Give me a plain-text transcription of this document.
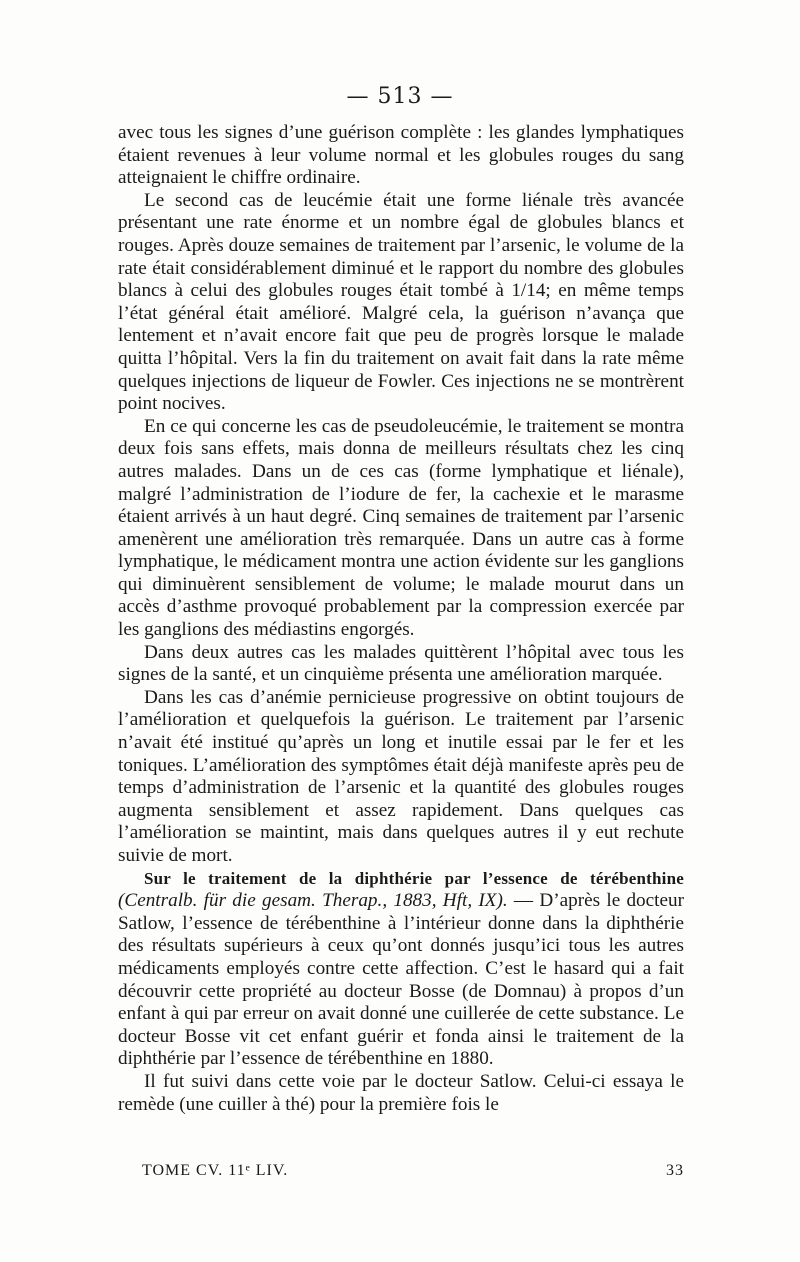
— 513 —

avec tous les signes d’une guérison complète : les glandes lymphatiques étaient revenues à leur volume normal et les globules rouges du sang atteignaient le chiffre ordinaire.

Le second cas de leucémie était une forme liénale très avancée présentant une rate énorme et un nombre égal de globules blancs et rouges. Après douze semaines de traitement par l’arsenic, le volume de la rate était considérablement diminué et le rapport du nombre des globules blancs à celui des globules rouges était tombé à 1/14; en même temps l’état général était amélioré. Malgré cela, la guérison n’avança que lentement et n’avait encore fait que peu de progrès lorsque le malade quitta l’hôpital. Vers la fin du traitement on avait fait dans la rate même quelques injections de liqueur de Fowler. Ces injections ne se montrèrent point nocives.

En ce qui concerne les cas de pseudoleucémie, le traitement se montra deux fois sans effets, mais donna de meilleurs résultats chez les cinq autres malades. Dans un de ces cas (forme lymphatique et liénale), malgré l’administration de l’iodure de fer, la cachexie et le marasme étaient arrivés à un haut degré. Cinq semaines de traitement par l’arsenic amenèrent une amélioration très remarquée. Dans un autre cas à forme lymphatique, le médicament montra une action évidente sur les ganglions qui diminuèrent sensiblement de volume; le malade mourut dans un accès d’asthme provoqué probablement par la compression exercée par les ganglions des médiastins engorgés.

Dans deux autres cas les malades quittèrent l’hôpital avec tous les signes de la santé, et un cinquième présenta une amélioration marquée.

Dans les cas d’anémie pernicieuse progressive on obtint toujours de l’amélioration et quelquefois la guérison. Le traitement par l’arsenic n’avait été institué qu’après un long et inutile essai par le fer et les toniques. L’amélioration des symptômes était déjà manifeste après peu de temps d’administration de l’arsenic et la quantité des globules rouges augmenta sensiblement et assez rapidement. Dans quelques cas l’amélioration se maintint, mais dans quelques autres il y eut rechute suivie de mort.

Sur le traitement de la diphthérie par l’essence de térébenthine (Centralb. für die gesam. Therap., 1883, Hft, IX). — D’après le docteur Satlow, l’essence de térébenthine à l’intérieur donne dans la diphthérie des résultats supérieurs à ceux qu’ont donnés jusqu’ici tous les autres médicaments employés contre cette affection. C’est le hasard qui a fait découvrir cette propriété au docteur Bosse (de Domnau) à propos d’un enfant à qui par erreur on avait donné une cuillerée de cette substance. Le docteur Bosse vit cet enfant guérir et fonda ainsi le traitement de la diphthérie par l’essence de térébenthine en 1880.

Il fut suivi dans cette voie par le docteur Satlow. Celui-ci essaya le remède (une cuiller à thé) pour la première fois le

TOME CV. 11ᵉ LIV.	33
